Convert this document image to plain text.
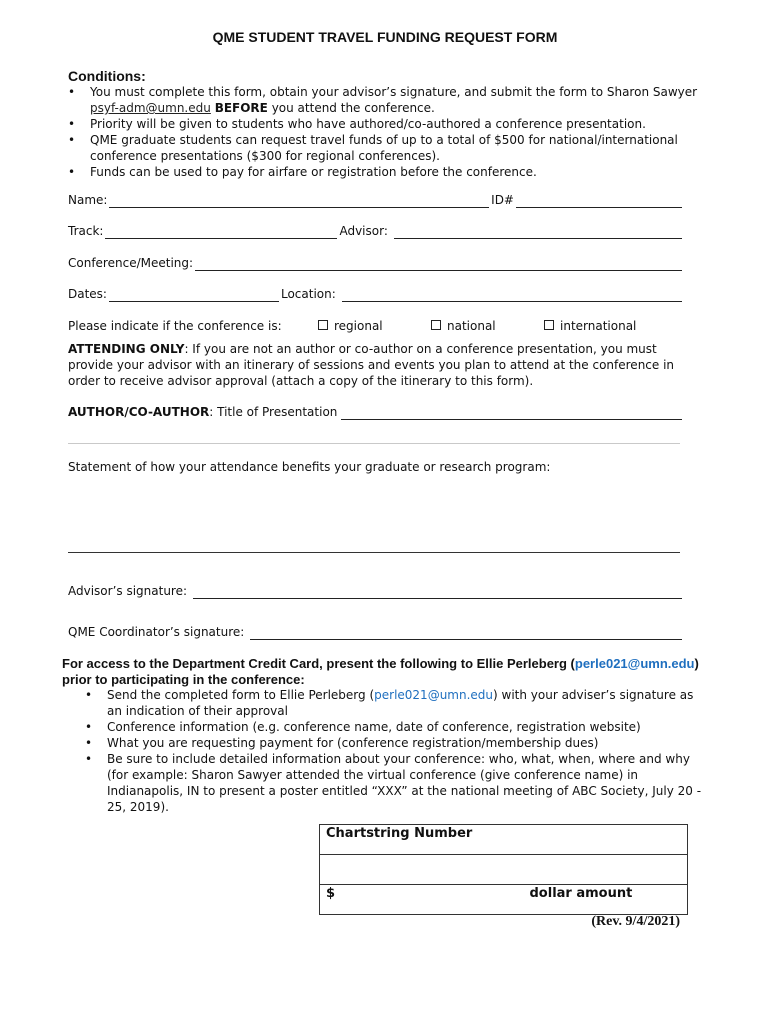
QME STUDENT TRAVEL FUNDING REQUEST FORM
Conditions:
• You must complete this form, obtain your advisor’s signature, and submit the form to Sharon Sawyer psyf-adm@umn.edu BEFORE you attend the conference.
• Priority will be given to students who have authored/co-authored a conference presentation.
• QME graduate students can request travel funds of up to a total of $500 for national/international conference presentations ($300 for regional conferences).
• Funds can be used to pay for airfare or registration before the conference.
Name:	ID#
Track:	Advisor:
Conference/Meeting:
Dates:	Location:
Please indicate if the conference is:	regional	national	international
ATTENDING ONLY: If you are not an author or co-author on a conference presentation, you must provide your advisor with an itinerary of sessions and events you plan to attend at the conference in order to receive advisor approval (attach a copy of the itinerary to this form).
AUTHOR/CO-AUTHOR: Title of Presentation
Statement of how your attendance benefits your graduate or research program:
Advisor’s signature:
QME Coordinator’s signature:
For access to the Department Credit Card, present the following to Ellie Perleberg (perle021@umn.edu) prior to participating in the conference:
• Send the completed form to Ellie Perleberg (perle021@umn.edu) with your adviser’s signature as an indication of their approval
• Conference information (e.g. conference name, date of conference, registration website)
• What you are requesting payment for (conference registration/membership dues)
• Be sure to include detailed information about your conference: who, what, when, where and why (for example: Sharon Sawyer attended the virtual conference (give conference name) in Indianapolis, IN to present a poster entitled “XXX” at the national meeting of ABC Society, July 20 - 25, 2019).
Chartstring Number

$	dollar amount
(Rev. 9/4/2021)
